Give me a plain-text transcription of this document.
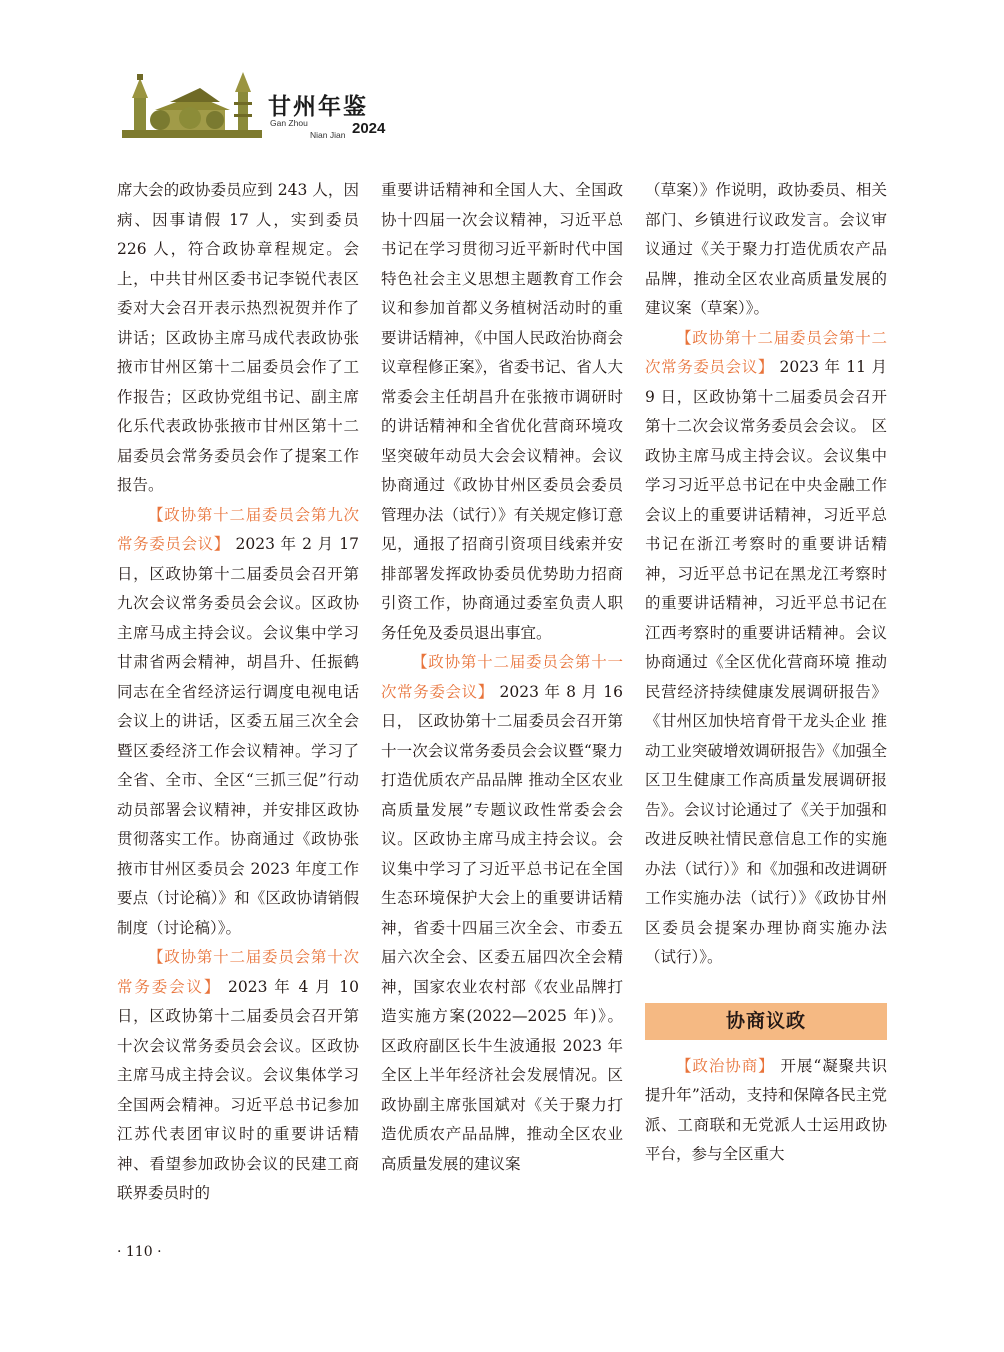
甘州年鉴
Gan Zhou
Nian Jian 2024

席大会的政协委员应到 243 人，因病、因事请假 17 人，实到委员 226 人，符合政协章程规定。会上，中共甘州区委书记李锐代表区委对大会召开表示热烈祝贺并作了讲话；区政协主席马成代表政协张掖市甘州区第十二届委员会作了工作报告；区政协党组书记、副主席化乐代表政协张掖市甘州区第十二届委员会常务委员会作了提案工作报告。

【政协第十二届委员会第九次常务委员会议】 2023 年 2 月 17 日，区政协第十二届委员会召开第九次会议常务委员会会议。区政协主席马成主持会议。会议集中学习甘肃省两会精神，胡昌升、任振鹤同志在全省经济运行调度电视电话会议上的讲话，区委五届三次全会暨区委经济工作会议精神。学习了全省、全市、全区“三抓三促”行动动员部署会议精神，并安排区政协贯彻落实工作。协商通过《政协张掖市甘州区委员会 2023 年度工作要点（讨论稿）》和《区政协请销假制度（讨论稿）》。

【政协第十二届委员会第十次常务委会议】 2023 年 4 月 10 日，区政协第十二届委员会召开第十次会议常务委员会会议。区政协主席马成主持会议。会议集体学习全国两会精神。习近平总书记参加江苏代表团审议时的重要讲话精神、看望参加政协会议的民建工商联界委员时的

重要讲话精神和全国人大、全国政协十四届一次会议精神，习近平总书记在学习贯彻习近平新时代中国特色社会主义思想主题教育工作会议和参加首都义务植树活动时的重要讲话精神，《中国人民政治协商会议章程修正案》，省委书记、省人大常委会主任胡昌升在张掖市调研时的讲话精神和全省优化营商环境攻坚突破年动员大会会议精神。会议协商通过《政协甘州区委员会委员管理办法（试行）》有关规定修订意见，通报了招商引资项目线索并安排部署发挥政协委员优势助力招商引资工作，协商通过委室负责人职务任免及委员退出事宜。

【政协第十二届委员会第十一次常务委会议】 2023 年 8 月 16 日， 区政协第十二届委员会召开第十一次会议常务委员会会议暨“聚力打造优质农产品品牌 推动全区农业高质量发展”专题议政性常委会会议。区政协主席马成主持会议。会议集中学习了习近平总书记在全国生态环境保护大会上的重要讲话精神，省委十四届三次全会、市委五届六次全会、区委五届四次全会精神，国家农业农村部《农业品牌打造实施方案(2022—2025 年)》。区政府副区长牛生波通报 2023 年全区上半年经济社会发展情况。区政协副主席张国斌对《关于聚力打造优质农产品品牌，推动全区农业高质量发展的建议案

（草案）》作说明，政协委员、相关部门、乡镇进行议政发言。会议审议通过《关于聚力打造优质农产品品牌，推动全区农业高质量发展的建议案（草案）》。

【政协第十二届委员会第十二次常务委员会议】 2023 年 11 月 9 日，区政协第十二届委员会召开第十二次会议常务委员会会议。 区政协主席马成主持会议。会议集中学习习近平总书记在中央金融工作会议上的重要讲话精神，习近平总书记在浙江考察时的重要讲话精神，习近平总书记在黑龙江考察时的重要讲话精神，习近平总书记在江西考察时的重要讲话精神。会议协商通过《全区优化营商环境 推动民营经济持续健康发展调研报告》《甘州区加快培育骨干龙头企业 推动工业突破增效调研报告》《加强全区卫生健康工作高质量发展调研报告》。会议讨论通过了《关于加强和改进反映社情民意信息工作的实施办法（试行）》和《加强和改进调研工作实施办法（试行）》《政协甘州区委员会提案办理协商实施办法（试行）》。

协商议政

【政治协商】 开展“凝聚共识提升年”活动，支持和保障各民主党派、工商联和无党派人士运用政协平台，参与全区重大

· 110 ·
